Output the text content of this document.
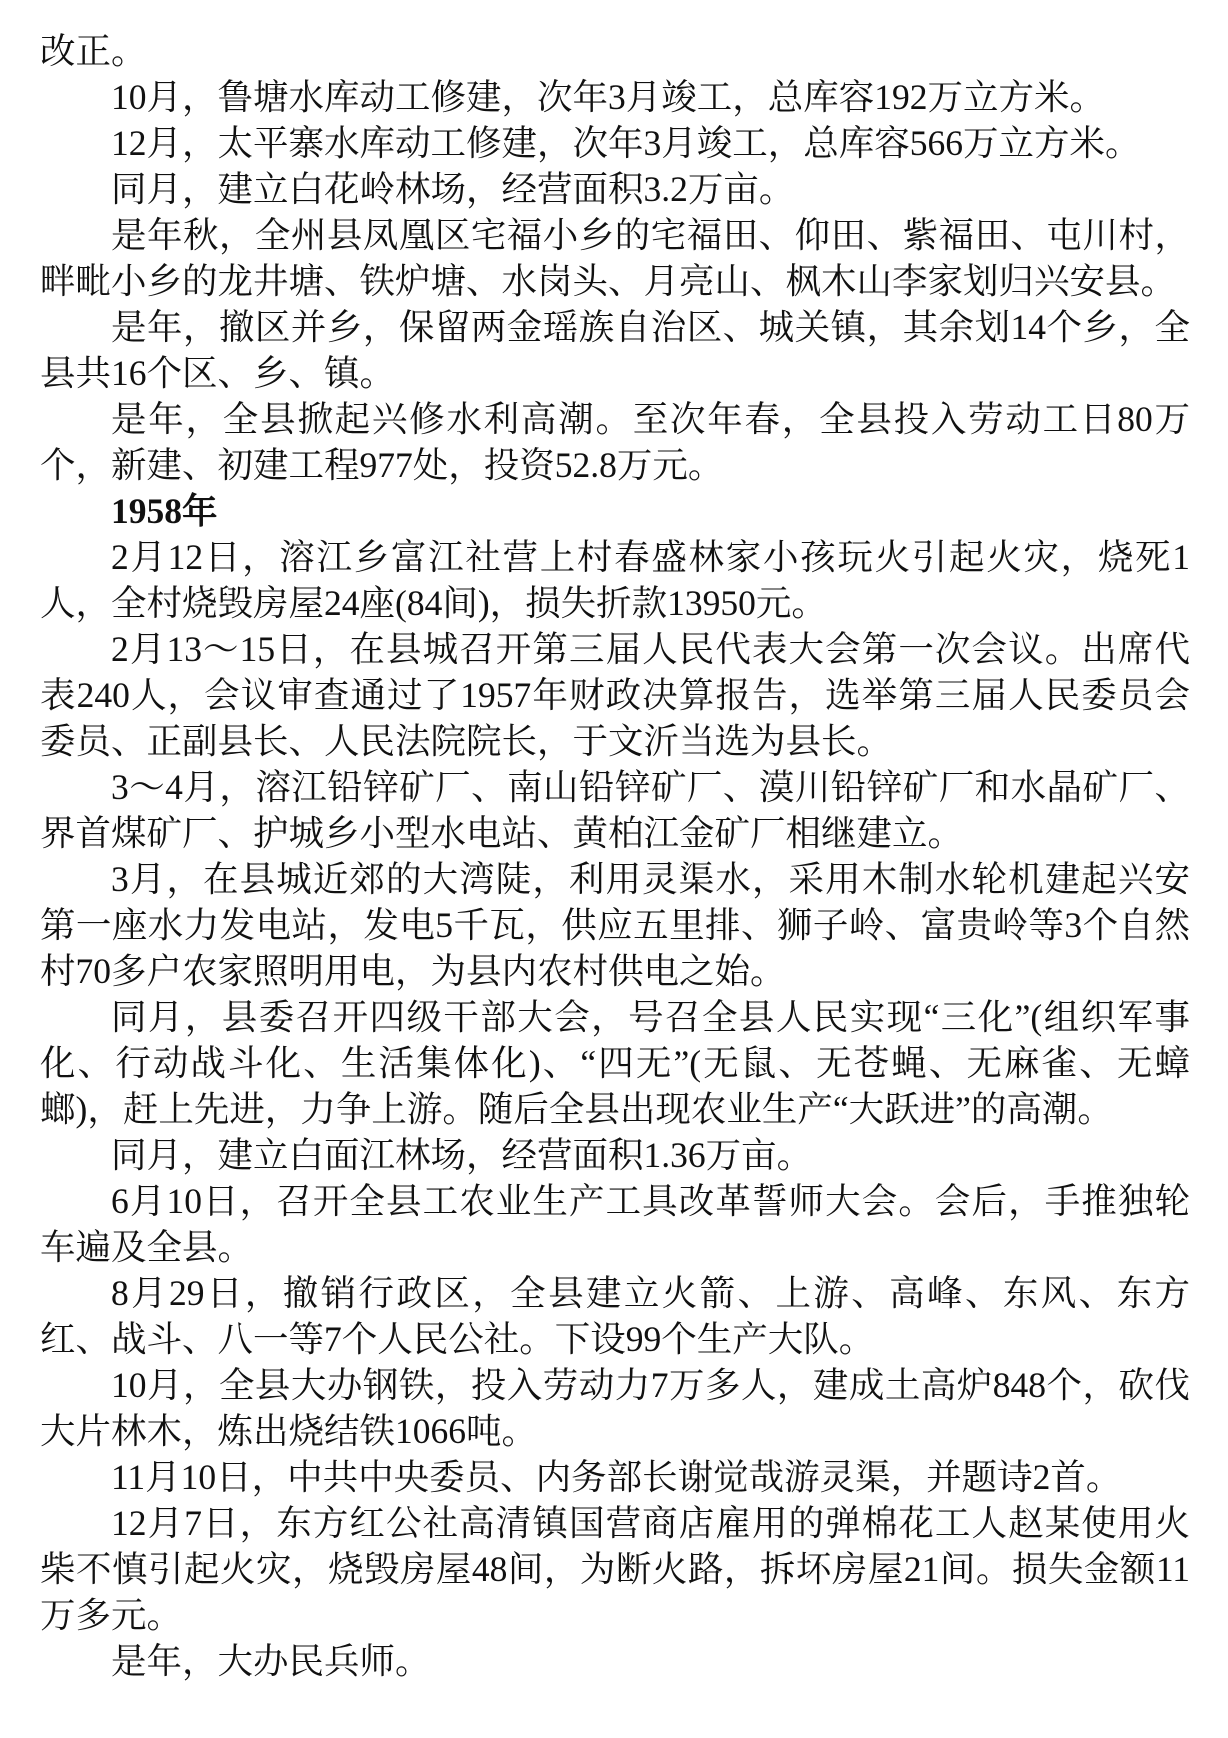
改正。

10月，鲁塘水库动工修建，次年3月竣工，总库容192万立方米。

12月，太平寨水库动工修建，次年3月竣工，总库容566万立方米。

同月，建立白花岭林场，经营面积3.2万亩。

是年秋，全州县凤凰区宅福小乡的宅福田、仰田、紫福田、屯川村，畔毗小乡的龙井塘、铁炉塘、水岗头、月亮山、枫木山李家划归兴安县。

是年，撤区并乡，保留两金瑶族自治区、城关镇，其余划14个乡，全县共16个区、乡、镇。

是年，全县掀起兴修水利高潮。至次年春，全县投入劳动工日80万个，新建、初建工程977处，投资52.8万元。

1958年

2月12日，溶江乡富江社营上村春盛林家小孩玩火引起火灾，烧死1人，全村烧毁房屋24座(84间)，损失折款13950元。

2月13～15日，在县城召开第三届人民代表大会第一次会议。出席代表240人，会议审查通过了1957年财政决算报告，选举第三届人民委员会委员、正副县长、人民法院院长，于文沂当选为县长。

3～4月，溶江铅锌矿厂、南山铅锌矿厂、漠川铅锌矿厂和水晶矿厂、界首煤矿厂、护城乡小型水电站、黄柏江金矿厂相继建立。

3月，在县城近郊的大湾陡，利用灵渠水，采用木制水轮机建起兴安第一座水力发电站，发电5千瓦，供应五里排、狮子岭、富贵岭等3个自然村70多户农家照明用电，为县内农村供电之始。

同月，县委召开四级干部大会，号召全县人民实现“三化”(组织军事化、行动战斗化、生活集体化)、“四无”(无鼠、无苍蝇、无麻雀、无蟑螂)，赶上先进，力争上游。随后全县出现农业生产“大跃进”的高潮。

同月，建立白面江林场，经营面积1.36万亩。

6月10日，召开全县工农业生产工具改革誓师大会。会后，手推独轮车遍及全县。

8月29日，撤销行政区，全县建立火箭、上游、高峰、东风、东方红、战斗、八一等7个人民公社。下设99个生产大队。

10月，全县大办钢铁，投入劳动力7万多人，建成土高炉848个，砍伐大片林木，炼出烧结铁1066吨。

11月10日，中共中央委员、内务部长谢觉哉游灵渠，并题诗2首。

12月7日，东方红公社高清镇国营商店雇用的弹棉花工人赵某使用火柴不慎引起火灾，烧毁房屋48间，为断火路，拆坏房屋21间。损失金额11万多元。

是年，大办民兵师。
